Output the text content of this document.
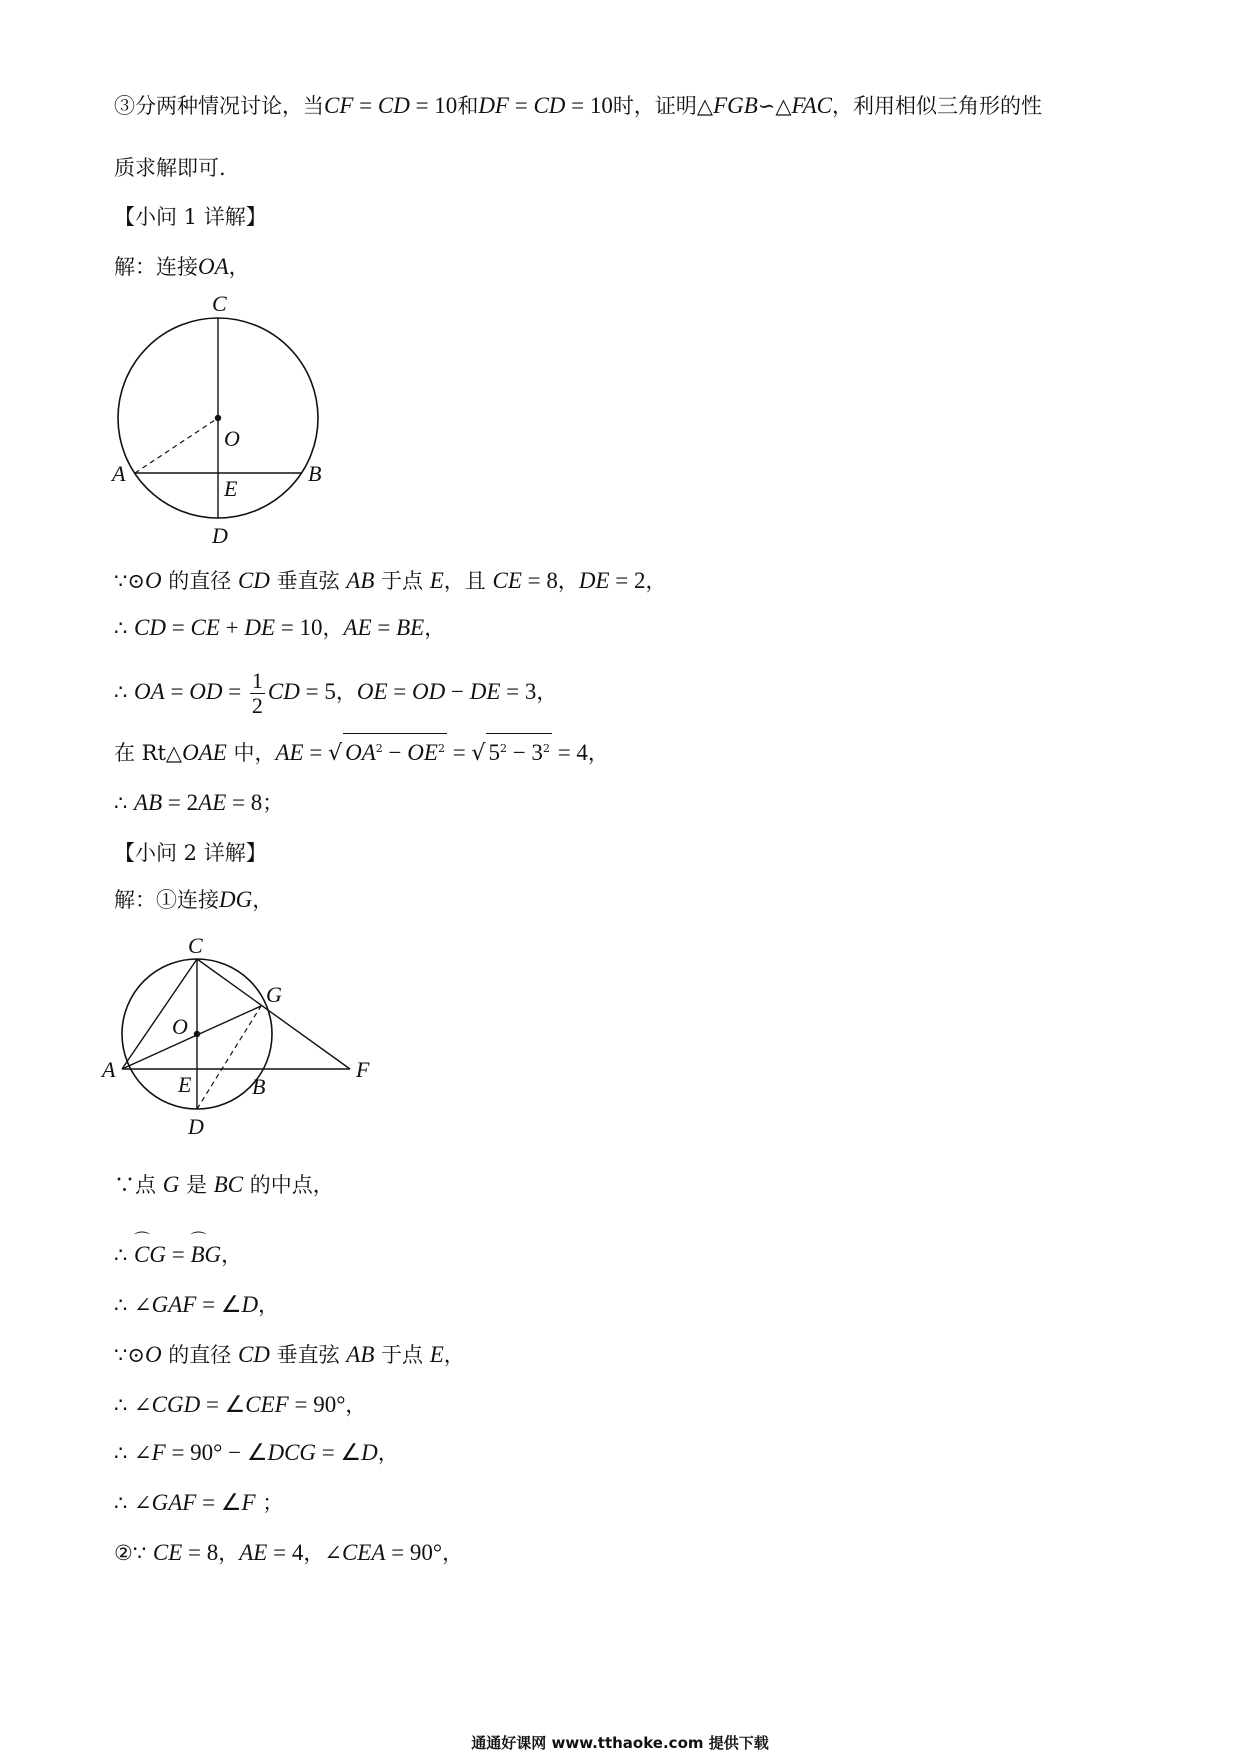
③分两种情况讨论，当CF = CD = 10和DF = CD = 10时，证明△FGB∽△FAC，利用相似三角形的性
质求解即可.
【小问 1 详解】
解：连接OA，
C
O
A
E
B
D
∵⊙O 的直径 CD 垂直弦 AB 于点 E，且 CE = 8，DE = 2，
∴ CD = CE + DE = 10，AE = BE，
∴ OA = OD = $\frac{1}{2}$ CD = 5，OE = OD − DE = 3，
在 Rt△OAE 中，AE = √ $OA^2 - OE^2$ = √ $5^2 - 3^2 = 4$，
∴ AB = 2AE = 8；
【小问 2 详解】
解：①连接DG，
C
G
O
A
E	B
F
D
∵点 G 是 BC 的中点，
∴ ⌒ CG = ⌒ BG，
∴ ∠GAF = ∠D，
∵⊙O 的直径 CD 垂直弦 AB 于点 E，
∴ ∠CGD = ∠CEF = 90°，
∴ ∠F = 90° − ∠DCG = ∠D，
∴ ∠GAF = ∠F ；
②∵ CE = 8，AE = 4，∠CEA = 90°，
通通好课网 www.tthaoke.com 提供下载
